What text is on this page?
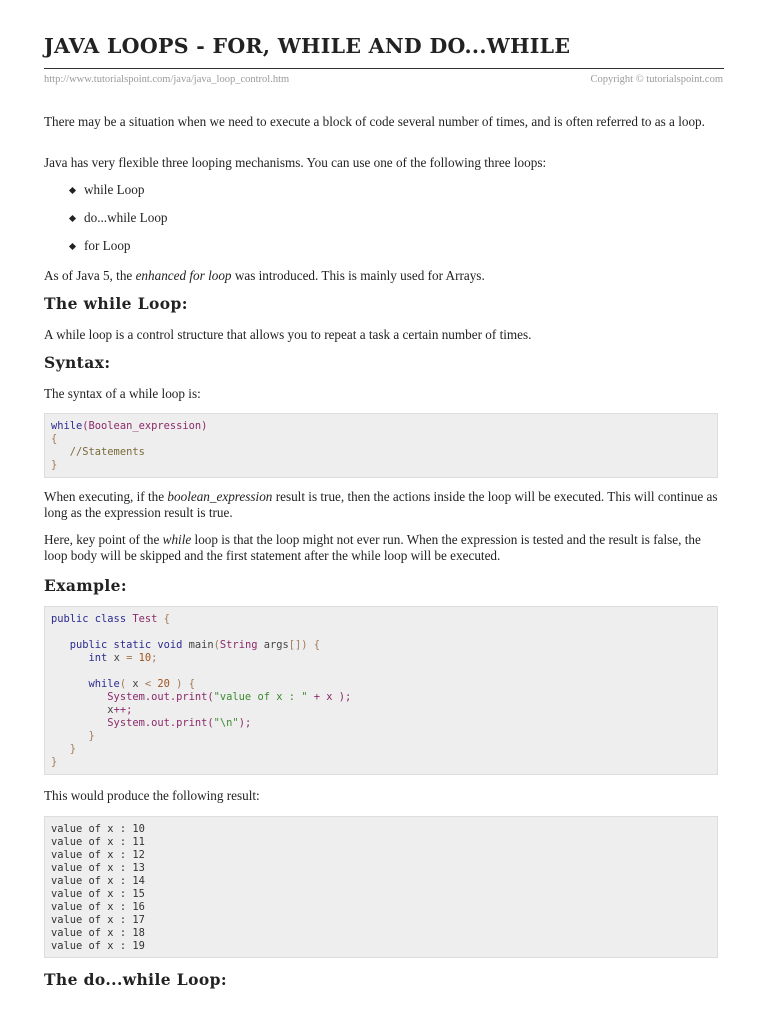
JAVA LOOPS - FOR, WHILE AND DO...WHILE
http://www.tutorialspoint.com/java/java_loop_control.htm	Copyright © tutorialspoint.com

There may be a situation when we need to execute a block of code several number of times, and is often referred to as a loop.

Java has very flexible three looping mechanisms. You can use one of the following three loops:

while Loop
do...while Loop
for Loop

As of Java 5, the enhanced for loop was introduced. This is mainly used for Arrays.

The while Loop:

A while loop is a control structure that allows you to repeat a task a certain number of times.

Syntax:

The syntax of a while loop is:

while(Boolean_expression)
{
//Statements
}

When executing, if the boolean_expression result is true, then the actions inside the loop will be executed. This will continue as long as the expression result is true.

Here, key point of the while loop is that the loop might not ever run. When the expression is tested and the result is false, the loop body will be skipped and the first statement after the while loop will be executed.

Example:
public class Test {
public static void main(String args[]) {
int x = 10;
while( x < 20 ) {
System.out.print("value of x : " + x );
x++;
System.out.print("\n");
}
}
}

This would produce the following result:

value of x : 10
value of x : 11
value of x : 12
value of x : 13
value of x : 14
value of x : 15
value of x : 16
value of x : 17
value of x : 18
value of x : 19
The do...while Loop:
